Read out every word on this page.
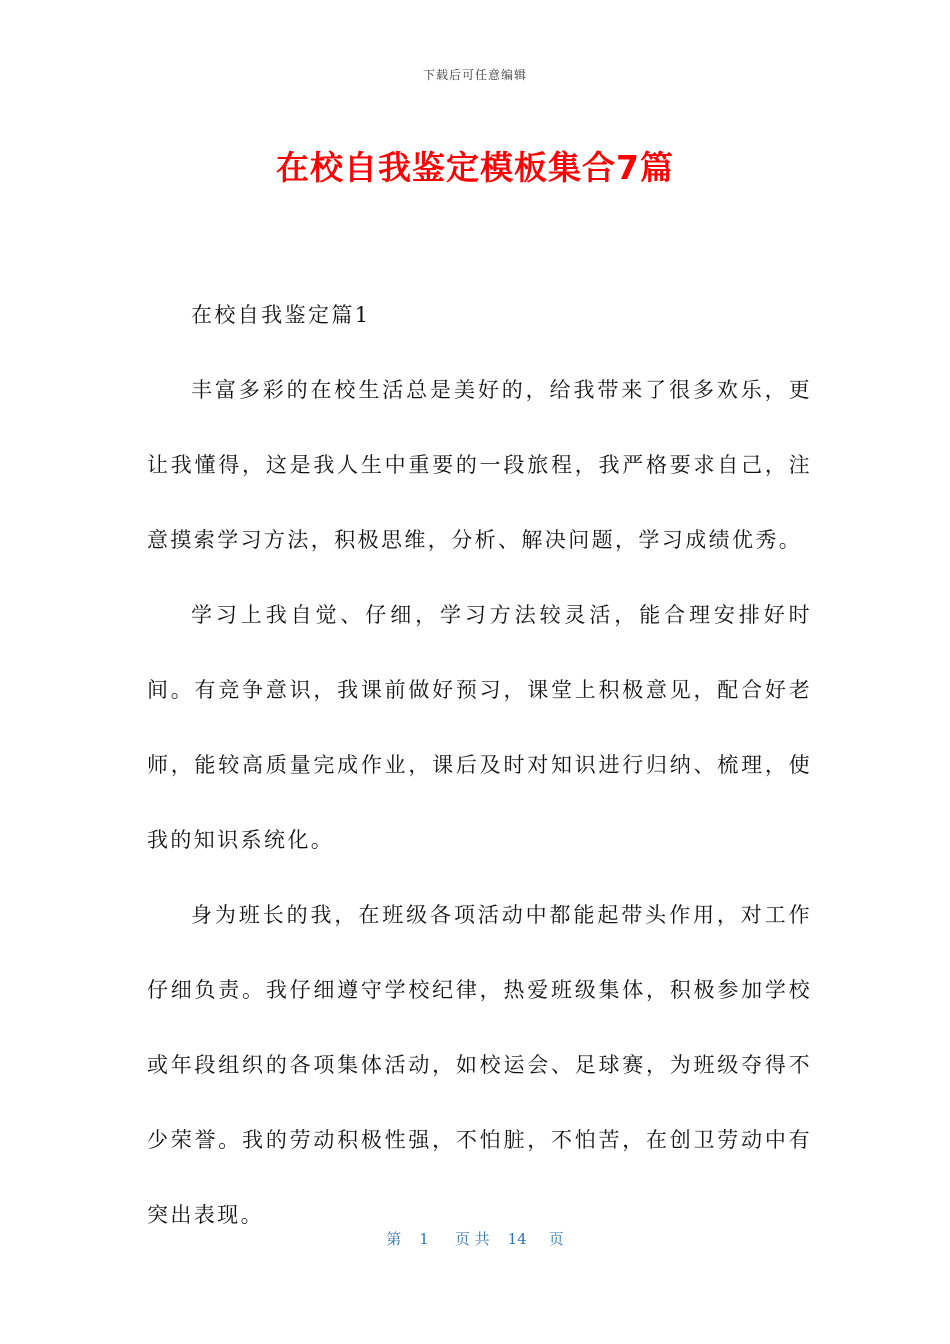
下载后可任意编辑
在校自我鉴定模板集合7篇

在校自我鉴定篇1

丰富多彩的在校生活总是美好的，给我带来了很多欢乐，更让我懂得，这是我人生中重要的一段旅程，我严格要求自己，注意摸索学习方法，积极思维，分析、解决问题，学习成绩优秀。

学习上我自觉、仔细，学习方法较灵活，能合理安排好时间。有竞争意识，我课前做好预习，课堂上积极意见，配合好老师，能较高质量完成作业，课后及时对知识进行归纳、梳理，使我的知识系统化。

身为班长的我，在班级各项活动中都能起带头作用，对工作仔细负责。我仔细遵守学校纪律，热爱班级集体，积极参加学校或年段组织的各项集体活动，如校运会、足球赛，为班级夺得不少荣誉。我的劳动积极性强，不怕脏，不怕苦，在创卫劳动中有突出表现。

第 1 页 共 14 页
